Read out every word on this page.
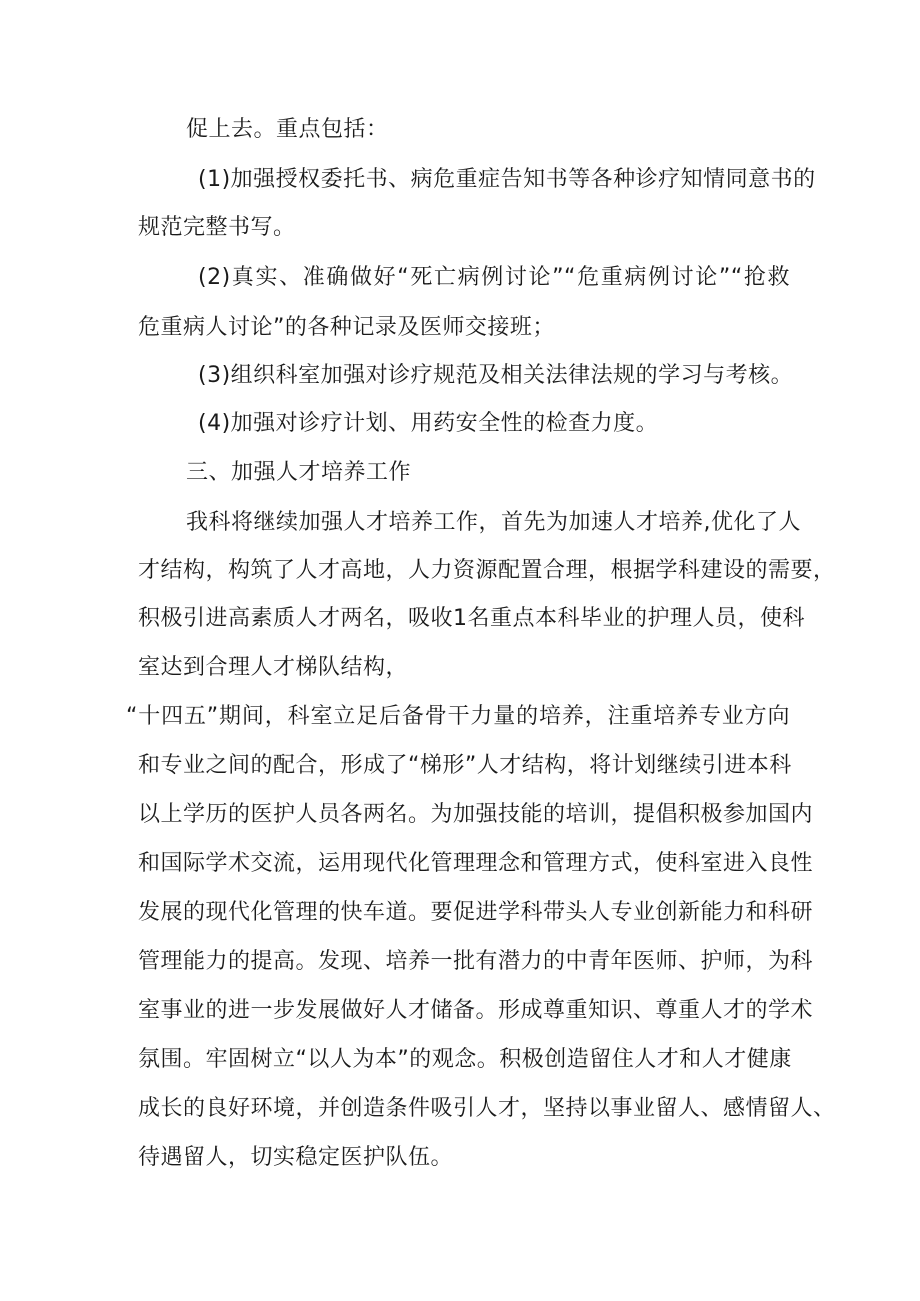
促上去。重点包括：
(1)加强授权委托书、病危重症告知书等各种诊疗知情同意书的
规范完整书写。
(2)真实、准确做好“死亡病例讨论”“危重病例讨论”“抢救
危重病人讨论”的各种记录及医师交接班；
(3)组织科室加强对诊疗规范及相关法律法规的学习与考核。
(4)加强对诊疗计划、用药安全性的检查力度。
三、加强人才培养工作
我科将继续加强人才培养工作，首先为加速人才培养,优化了人
才结构，构筑了人才高地，人力资源配置合理，根据学科建设的需要，
积极引进高素质人才两名，吸收1名重点本科毕业的护理人员，使科
室达到合理人才梯队结构，
“十四五”期间，科室立足后备骨干力量的培养，注重培养专业方向
和专业之间的配合，形成了“梯形”人才结构，将计划继续引进本科
以上学历的医护人员各两名。为加强技能的培训，提倡积极参加国内
和国际学术交流，运用现代化管理理念和管理方式，使科室进入良性
发展的现代化管理的快车道。要促进学科带头人专业创新能力和科研
管理能力的提高。发现、培养一批有潜力的中青年医师、护师，为科
室事业的进一步发展做好人才储备。形成尊重知识、尊重人才的学术
氛围。牢固树立“以人为本”的观念。积极创造留住人才和人才健康
成长的良好环境，并创造条件吸引人才，坚持以事业留人、感情留人、
待遇留人，切实稳定医护队伍。
